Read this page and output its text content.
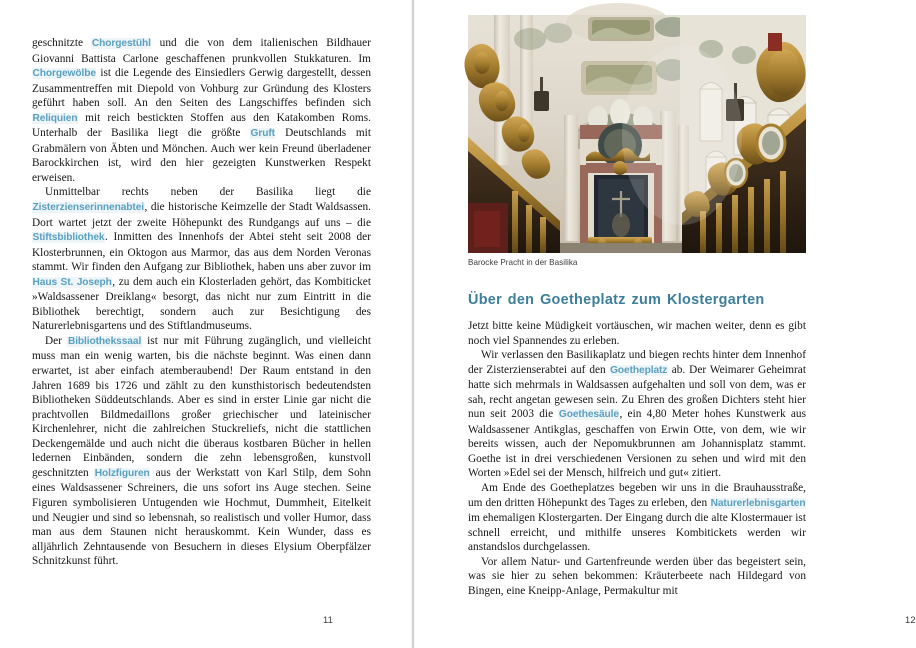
geschnitzte Chorgestühl und die von dem italienischen Bildhauer Giovanni Battista Carlone geschaffenen prunkvollen Stukkaturen. Im Chorgewölbe ist die Legende des Einsiedlers Gerwig dargestellt, dessen Zusammentreffen mit Diepold von Vohburg zur Gründung des Klosters geführt haben soll. An den Seiten des Langschiffes befinden sich Reliquien mit reich bestickten Stoffen aus den Katakomben Roms. Unterhalb der Basilika liegt die größte Gruft Deutschlands mit Grabmälern von Äbten und Mönchen. Auch wer kein Freund überladener Barockkirchen ist, wird den hier gezeigten Kunstwerken Respekt erweisen.

Unmittelbar rechts neben der Basilika liegt die Zisterzienserinnenabtei, die historische Keimzelle der Stadt Waldsassen. Dort wartet jetzt der zweite Höhepunkt des Rundgangs auf uns – die Stiftsbibliothek. Inmitten des Innenhofs der Abtei steht seit 2008 der Klosterbrunnen, ein Oktogon aus Marmor, das aus dem Norden Veronas stammt. Wir finden den Aufgang zur Bibliothek, haben uns aber zuvor im Haus St. Joseph, zu dem auch ein Klosterladen gehört, das Kombiticket »Waldsassener Dreiklang« besorgt, das nicht nur zum Eintritt in die Bibliothek berechtigt, sondern auch zur Besichtigung des Naturerlebnisgartens und des Stiftlandmuseums.

Der Bibliothekssaal ist nur mit Führung zugänglich, und vielleicht muss man ein wenig warten, bis die nächste beginnt. Was einen dann erwartet, ist aber einfach atemberaubend! Der Raum entstand in den Jahren 1689 bis 1726 und zählt zu den kunsthistorisch bedeutendsten Bibliotheken Süddeutschlands. Aber es sind in erster Linie gar nicht die prachtvollen Bildmedaillons großer griechischer und lateinischer Kirchenlehrer, nicht die zahlreichen Stuckreliefs, nicht die stattlichen Deckengemälde und auch nicht die überaus kostbaren Bücher in hellen ledernen Einbänden, sondern die zehn lebensgroßen, kunstvoll geschnitzten Holzfiguren aus der Werkstatt von Karl Stilp, dem Sohn eines Waldsassener Schreiners, die uns sofort ins Auge stechen. Seine Figuren symbolisieren Untugenden wie Hochmut, Dummheit, Eitelkeit und Neugier und sind so lebensnah, so realistisch und voller Humor, dass man aus dem Staunen nicht herauskommt. Kein Wunder, dass es alljährlich Zehntausende von Besuchern in dieses Elysium Oberpfälzer Schnitzkunst führt.

11
Barocke Pracht in der Basilika
Über den Goetheplatz zum Klostergarten

Jetzt bitte keine Müdigkeit vortäuschen, wir machen weiter, denn es gibt noch viel Spannendes zu erleben.

Wir verlassen den Basilikaplatz und biegen rechts hinter dem Innenhof der Zisterzienserabtei auf den Goetheplatz ab. Der Weimarer Geheimrat hatte sich mehrmals in Waldsassen aufgehalten und soll von dem, was er sah, recht angetan gewesen sein. Zu Ehren des großen Dichters steht hier nun seit 2003 die Goethesäule, ein 4,80 Meter hohes Kunstwerk aus Waldsassener Antikglas, geschaffen von Erwin Otte, von dem, wie wir bereits wissen, auch der Nepomukbrunnen am Johannisplatz stammt. Goethe ist in drei verschiedenen Versionen zu sehen und wird mit den Worten »Edel sei der Mensch, hilfreich und gut« zitiert.

Am Ende des Goetheplatzes begeben wir uns in die Brauhausstraße, um den dritten Höhepunkt des Tages zu erleben, den Naturerlebnisgarten im ehemaligen Klostergarten. Der Eingang durch die alte Klostermauer ist schnell erreicht, und mithilfe unseres Kombitickets werden wir anstandslos durchgelassen.

Vor allem Natur- und Gartenfreunde werden über das begeistert sein, was sie hier zu sehen bekommen: Kräuterbeete nach Hildegard von Bingen, eine Kneipp-Anlage, Permakultur mit

12
